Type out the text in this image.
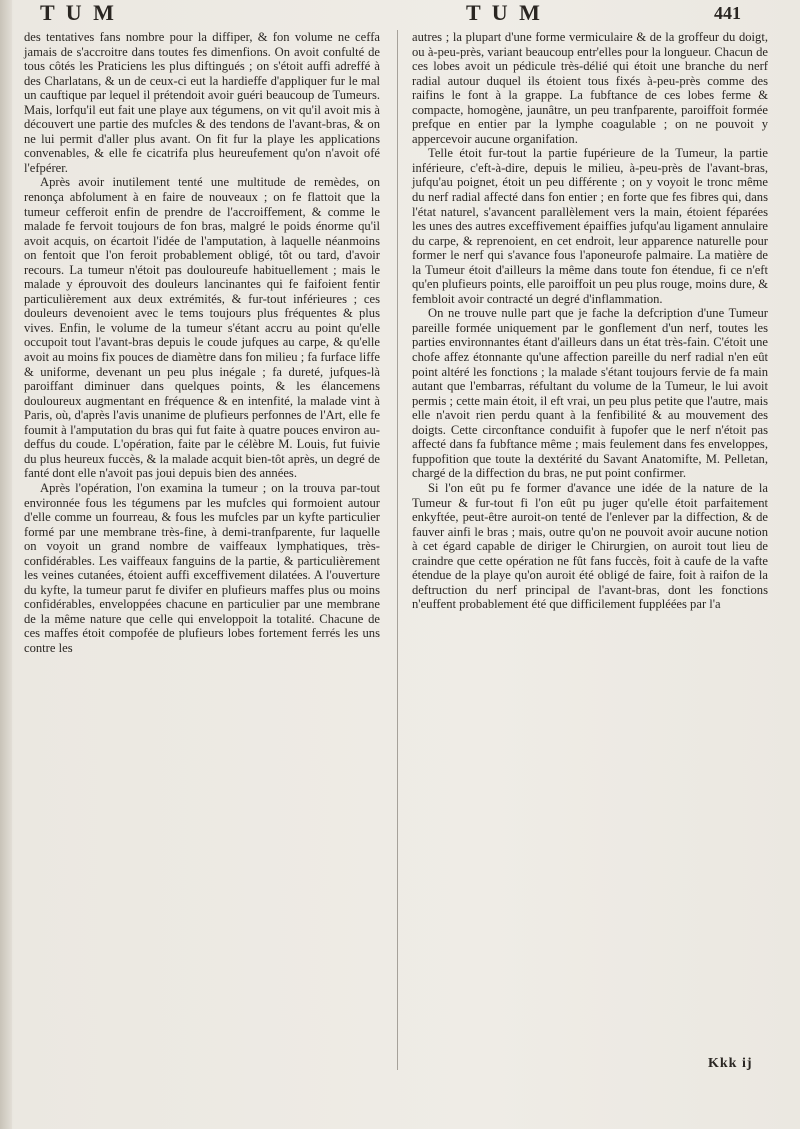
T U M	T U M	441

des tentatives fans nombre pour la diffiper, & fon volume ne ceffa jamais de s'accroitre dans toutes fes dimenfions. On avoit confulté de tous côtés les Praticiens les plus diftingués ; on s'étoit auffi adreffé à des Charlatans, & un de ceux-ci eut la hardieffe d'appliquer fur le mal un cauftique par lequel il prétendoit avoir guéri beaucoup de Tumeurs. Mais, lorfqu'il eut fait une playe aux tégumens, on vit qu'il avoit mis à découvert une partie des mufcles & des tendons de l'avant-bras, & on ne lui permit d'aller plus avant. On fit fur la playe les applications convenables, & elle fe cicatrifa plus heureufement qu'on n'avoit ofé l'efpérer.

Après avoir inutilement tenté une multitude de remèdes, on renonça abfolument à en faire de nouveaux ; on fe flattoit que la tumeur cefferoit enfin de prendre de l'accroiffement, & comme le malade fe fervoit toujours de fon bras, malgré le poids énorme qu'il avoit acquis, on écartoit l'idée de l'amputation, à laquelle néanmoins on fentoit que l'on feroit probablement obligé, tôt ou tard, d'avoir recours. La tumeur n'étoit pas douloureufe habituellement ; mais le malade y éprouvoit des douleurs lancinantes qui fe faifoient fentir particulièrement aux deux extrémités, & fur-tout inférieures ; ces douleurs devenoient avec le tems toujours plus fréquentes & plus vives. Enfin, le volume de la tumeur s'étant accru au point qu'elle occupoit tout l'avant-bras depuis le coude jufques au carpe, & qu'elle avoit au moins fix pouces de diamètre dans fon milieu ; fa furface liffe & uniforme, devenant un peu plus inégale ; fa dureté, jufques-là paroiffant diminuer dans quelques points, & les élancemens douloureux augmentant en fréquence & en intenfité, la malade vint à Paris, où, d'après l'avis unanime de plufieurs perfonnes de l'Art, elle fe foumit à l'amputation du bras qui fut faite à quatre pouces environ au-deffus du coude. L'opération, faite par le célèbre M. Louis, fut fuivie du plus heureux fuccès, & la malade acquit bien-tôt après, un degré de fanté dont elle n'avoit pas joui depuis bien des années.

Après l'opération, l'on examina la tumeur ; on la trouva par-tout environnée fous les tégumens par les mufcles qui formoient autour d'elle comme un fourreau, & fous les mufcles par un kyfte particulier formé par une membrane très-fine, à demi-tranfparente, fur laquelle on voyoit un grand nombre de vaiffeaux lymphatiques, très-confidérables. Les vaiffeaux fanguins de la partie, & particulièrement les veines cutanées, étoient auffi exceffivement dilatées. A l'ouverture du kyfte, la tumeur parut fe divifer en plufieurs maffes plus ou moins confidérables, enveloppées chacune en particulier par une membrane de la même nature que celle qui enveloppoit la totalité. Chacune de ces maffes étoit compofée de plufieurs lobes fortement ferrés les uns contre les

autres ; la plupart d'une forme vermiculaire & de la groffeur du doigt, ou à-peu-près, variant beaucoup entr'elles pour la longueur. Chacun de ces lobes avoit un pédicule très-délié qui étoit une branche du nerf radial autour duquel ils étoient tous fixés à-peu-près comme des raifins le font à la grappe. La fubftance de ces lobes ferme & compacte, homogène, jaunâtre, un peu tranfparente, paroiffoit formée prefque en entier par la lymphe coagulable ; on ne pouvoit y appercevoir aucune organifation.

Telle étoit fur-tout la partie fupérieure de la Tumeur, la partie inférieure, c'eft-à-dire, depuis le milieu, à-peu-près de l'avant-bras, jufqu'au poignet, étoit un peu différente ; on y voyoit le tronc même du nerf radial affecté dans fon entier ; en forte que fes fibres qui, dans l'état naturel, s'avancent parallèlement vers la main, étoient féparées les unes des autres exceffivement épaiffies jufqu'au ligament annulaire du carpe, & reprenoient, en cet endroit, leur apparence naturelle pour former le nerf qui s'avance fous l'aponeurofe palmaire. La matière de la Tumeur étoit d'ailleurs la même dans toute fon étendue, fi ce n'eft qu'en plufieurs points, elle paroiffoit un peu plus rouge, moins dure, & fembloit avoir contracté un degré d'inflammation.

On ne trouve nulle part que je fache la defcription d'une Tumeur pareille formée uniquement par le gonflement d'un nerf, toutes les parties environnantes étant d'ailleurs dans un état très-fain. C'étoit une chofe affez étonnante qu'une affection pareille du nerf radial n'en eût point altéré les fonctions ; la malade s'étant toujours fervie de fa main autant que l'embarras, réfultant du volume de la Tumeur, le lui avoit permis ; cette main étoit, il eft vrai, un peu plus petite que l'autre, mais elle n'avoit rien perdu quant à la fenfibilité & au mouvement des doigts. Cette circonftance conduifit à fupofer que le nerf n'étoit pas affecté dans fa fubftance même ; mais feulement dans fes enveloppes, fuppofition que toute la dextérité du Savant Anatomifte, M. Pelletan, chargé de la diffection du bras, ne put point confirmer.

Si l'on eût pu fe former d'avance une idée de la nature de la Tumeur & fur-tout fi l'on eût pu juger qu'elle étoit parfaitement enkyftée, peut-être auroit-on tenté de l'enlever par la diffection, & de fauver ainfi le bras ; mais, outre qu'on ne pouvoit avoir aucune notion à cet égard capable de diriger le Chirurgien, on auroit tout lieu de craindre que cette opération ne fût fans fuccès, foit à caufe de la vafte étendue de la playe qu'on auroit été obligé de faire, foit à raifon de la deftruction du nerf principal de l'avant-bras, dont les fonctions n'euffent probablement été que difficilement fuppléées par l'a

Kkk ij
